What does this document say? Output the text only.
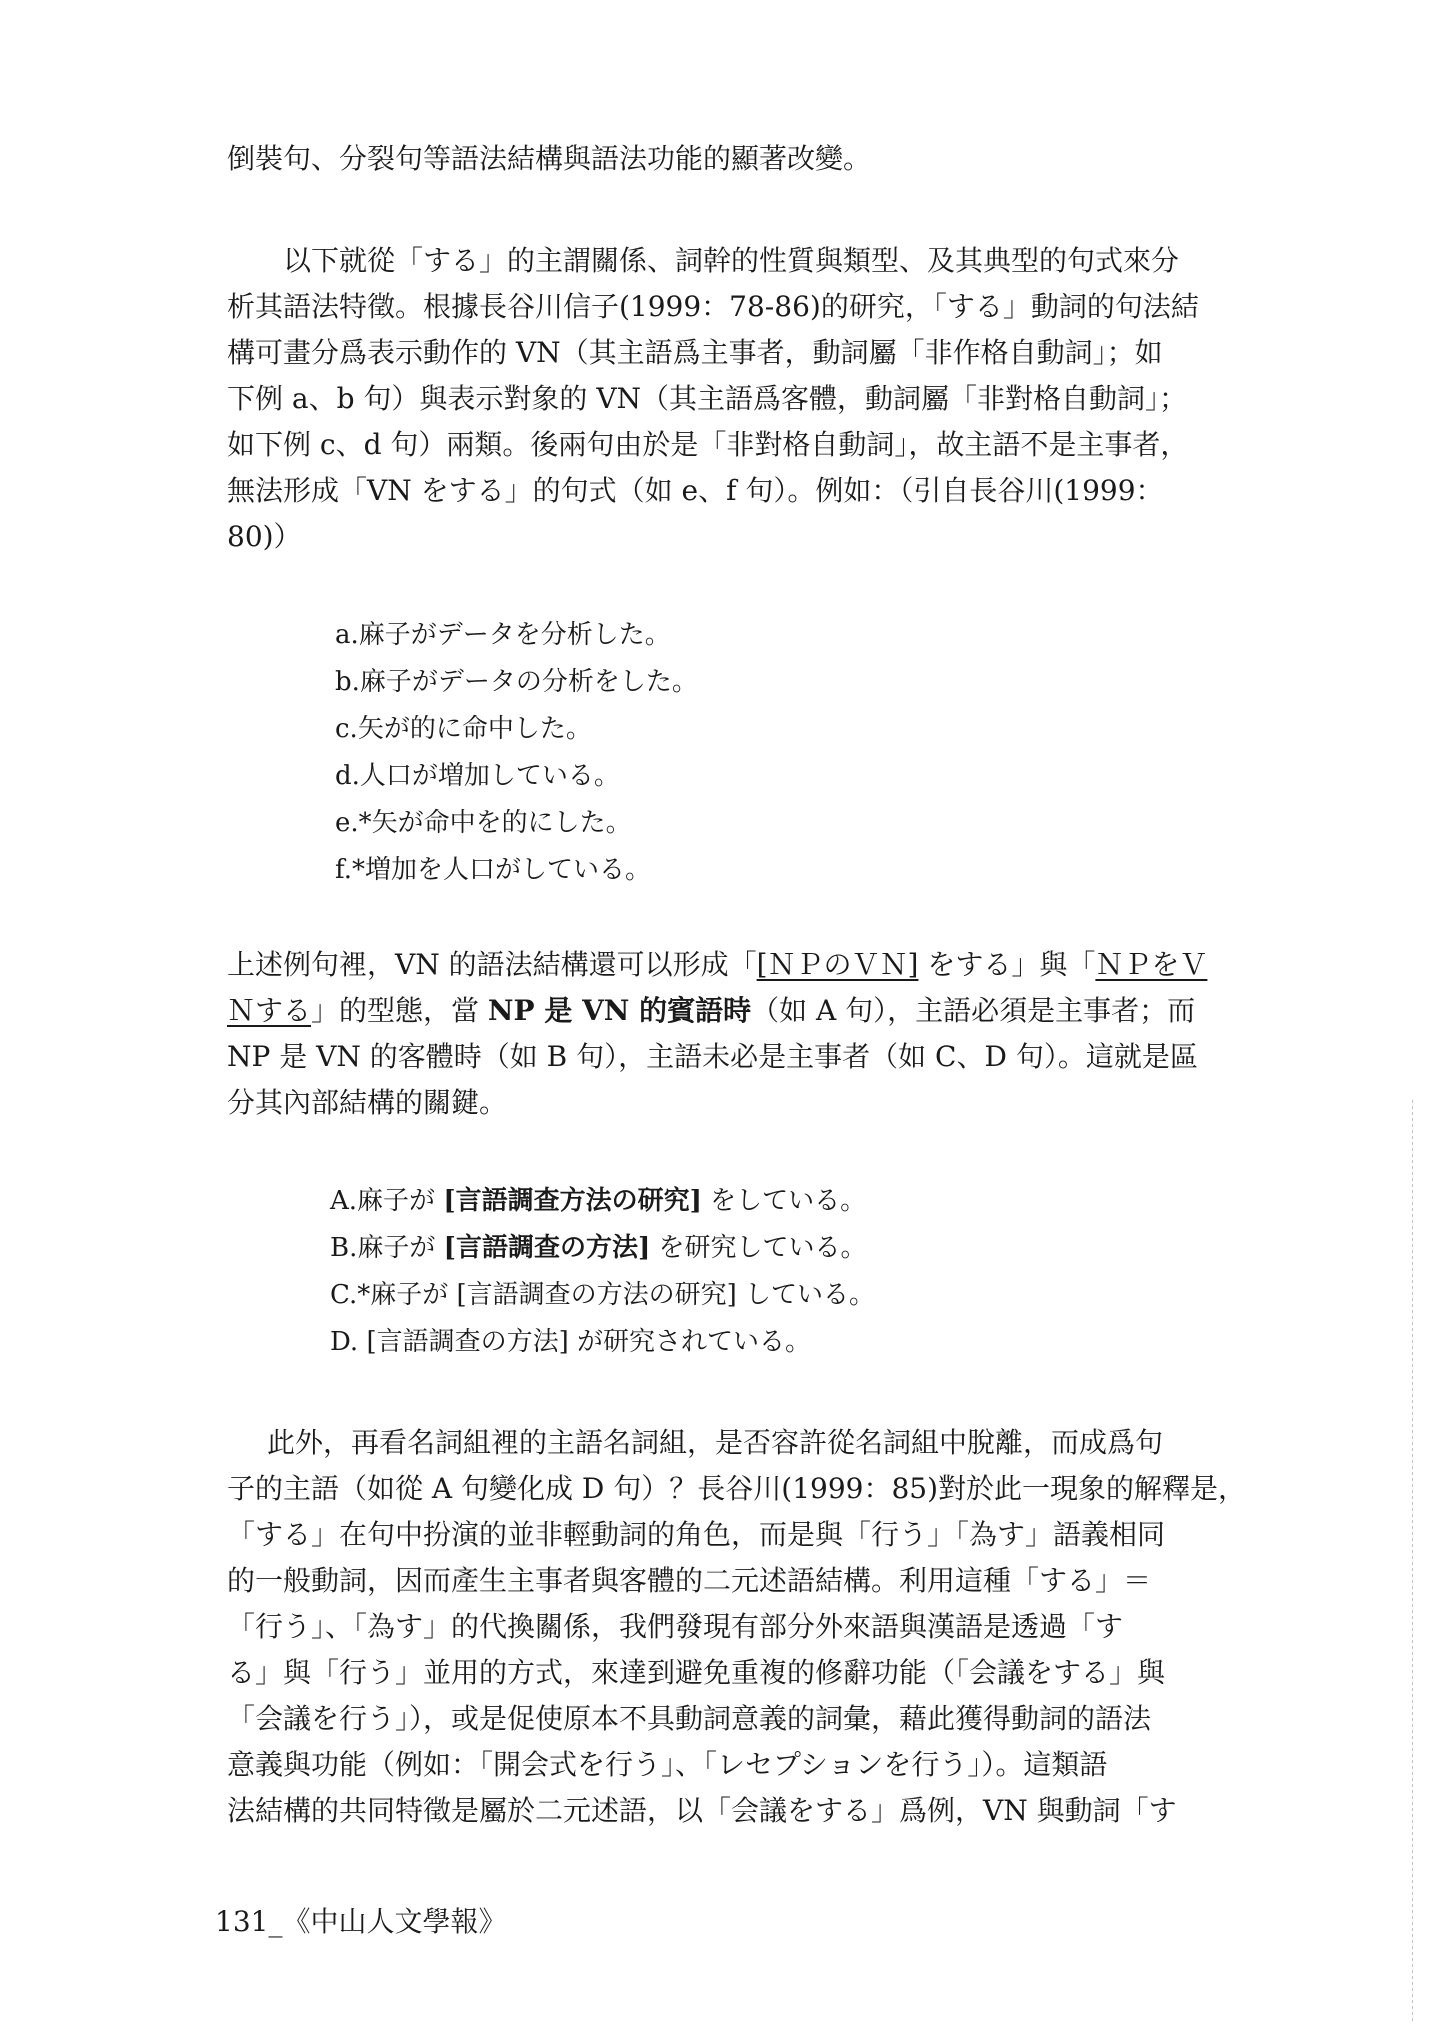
倒裝句、分裂句等語法結構與語法功能的顯著改變。
以下就從「する」的主謂關係、詞幹的性質與類型、及其典型的句式來分
析其語法特徵。根據長谷川信子(1999：78-86)的研究，「する」動詞的句法結
構可畫分爲表示動作的 VN（其主語爲主事者，動詞屬「非作格自動詞」；如
下例 a、b 句）與表示對象的 VN（其主語爲客體，動詞屬「非對格自動詞」；
如下例 c、d 句）兩類。後兩句由於是「非對格自動詞」，故主語不是主事者，
無法形成「VN をする」的句式（如 e、f 句）。例如：（引自長谷川(1999：
80)）
a.麻子がデータを分析した。
b.麻子がデータの分析をした。
c.矢が的に命中した。
d.人口が増加している。
e.*矢が命中を的にした。
f.*増加を人口がしている。
上述例句裡，VN 的語法結構還可以形成「[ＮＰのＶＮ] をする」與「ＮＰをＶ
Ｎする」的型態，當 NP 是 VN 的賓語時（如 A 句），主語必須是主事者；而
NP 是 VN 的客體時（如 B 句），主語未必是主事者（如 C、D 句）。這就是區
分其內部結構的關鍵。
A.麻子が [言語調查方法の研究] をしている。
B.麻子が [言語調查の方法] を研究している。
C.*麻子が [言語調查の方法の研究] している。
D. [言語調查の方法] が研究されている。
此外，再看名詞組裡的主語名詞組，是否容許從名詞組中脫離，而成爲句
子的主語（如從 A 句變化成 D 句）？長谷川(1999：85)對於此一現象的解釋是，
「する」在句中扮演的並非輕動詞的角色，而是與「行う」「為す」語義相同
的一般動詞，因而產生主事者與客體的二元述語結構。利用這種「する」＝
「行う」、「為す」的代換關係，我們發現有部分外來語與漢語是透過「す
る」與「行う」並用的方式，來達到避免重複的修辭功能（「会議をする」與
「会議を行う」），或是促使原本不具動詞意義的詞彙，藉此獲得動詞的語法
意義與功能（例如：「開会式を行う」、「レセプションを行う」）。這類語
法結構的共同特徵是屬於二元述語，以「会議をする」爲例，VN 與動詞「す
131_《中山人文學報》
